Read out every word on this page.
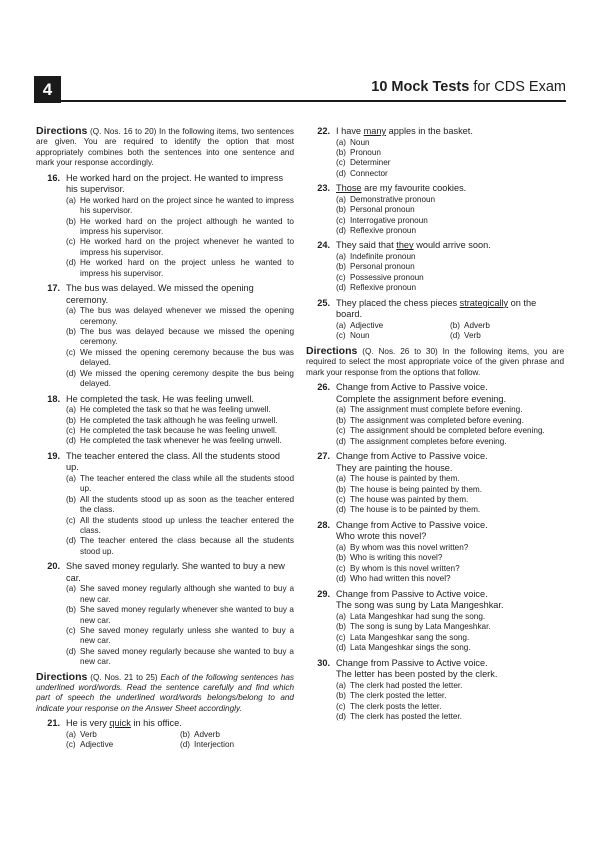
4	10 Mock Tests for CDS Exam
Directions (Q. Nos. 16 to 20) In the following items, two sentences are given. You are required to identify the option that most appropriately combines both the sentences into one sentence and mark your response accordingly.
16. He worked hard on the project. He wanted to impress his supervisor.
(a) He worked hard on the project since he wanted to impress his supervisor.
(b) He worked hard on the project although he wanted to impress his supervisor.
(c) He worked hard on the project whenever he wanted to impress his supervisor.
(d) He worked hard on the project unless he wanted to impress his supervisor.
17. The bus was delayed. We missed the opening ceremony.
(a) The bus was delayed whenever we missed the opening ceremony.
(b) The bus was delayed because we missed the opening ceremony.
(c) We missed the opening ceremony because the bus was delayed.
(d) We missed the opening ceremony despite the bus being delayed.
18. He completed the task. He was feeling unwell.
(a) He completed the task so that he was feeling unwell.
(b) He completed the task although he was feeling unwell.
(c) He completed the task because he was feeling unwell.
(d) He completed the task whenever he was feeling unwell.
19. The teacher entered the class. All the students stood up.
(a) The teacher entered the class while all the students stood up.
(b) All the students stood up as soon as the teacher entered the class.
(c) All the students stood up unless the teacher entered the class.
(d) The teacher entered the class because all the students stood up.
20. She saved money regularly. She wanted to buy a new car.
(a) She saved money regularly although she wanted to buy a new car.
(b) She saved money regularly whenever she wanted to buy a new car.
(c) She saved money regularly unless she wanted to buy a new car.
(d) She saved money regularly because she wanted to buy a new car.
Directions (Q. Nos. 21 to 25) Each of the following sentences has underlined word/words. Read the sentence carefully and find which part of speech the underlined word/words belongs/belong to and indicate your response on the Answer Sheet accordingly.
21. He is very quick in his office.
(a) Verb	(b) Adverb
(c) Adjective	(d) Interjection
22. I have many apples in the basket.
(a) Noun
(b) Pronoun
(c) Determiner
(d) Connector
23. Those are my favourite cookies.
(a) Demonstrative pronoun
(b) Personal pronoun
(c) Interrogative pronoun
(d) Reflexive pronoun
24. They said that they would arrive soon.
(a) Indefinite pronoun
(b) Personal pronoun
(c) Possessive pronoun
(d) Reflexive pronoun
25. They placed the chess pieces strategically on the board.
(a) Adjective	(b) Adverb
(c) Noun	(d) Verb
Directions (Q. Nos. 26 to 30) In the following items, you are required to select the most appropriate voice of the given phrase and mark your response from the options that follow.
26. Change from Active to Passive voice.
Complete the assignment before evening.
(a) The assignment must complete before evening.
(b) The assignment was completed before evening.
(c) The assignment should be completed before evening.
(d) The assignment completes before evening.
27. Change from Active to Passive voice.
They are painting the house.
(a) The house is painted by them.
(b) The house is being painted by them.
(c) The house was painted by them.
(d) The house is to be painted by them.
28. Change from Active to Passive voice.
Who wrote this novel?
(a) By whom was this novel written?
(b) Who is writing this novel?
(c) By whom is this novel written?
(d) Who had written this novel?
29. Change from Passive to Active voice.
The song was sung by Lata Mangeshkar.
(a) Lata Mangeshkar had sung the song.
(b) The song is sung by Lata Mangeshkar.
(c) Lata Mangeshkar sang the song.
(d) Lata Mangeshkar sings the song.
30. Change from Passive to Active voice.
The letter has been posted by the clerk.
(a) The clerk had posted the letter.
(b) The clerk posted the letter.
(c) The clerk posts the letter.
(d) The clerk has posted the letter.
